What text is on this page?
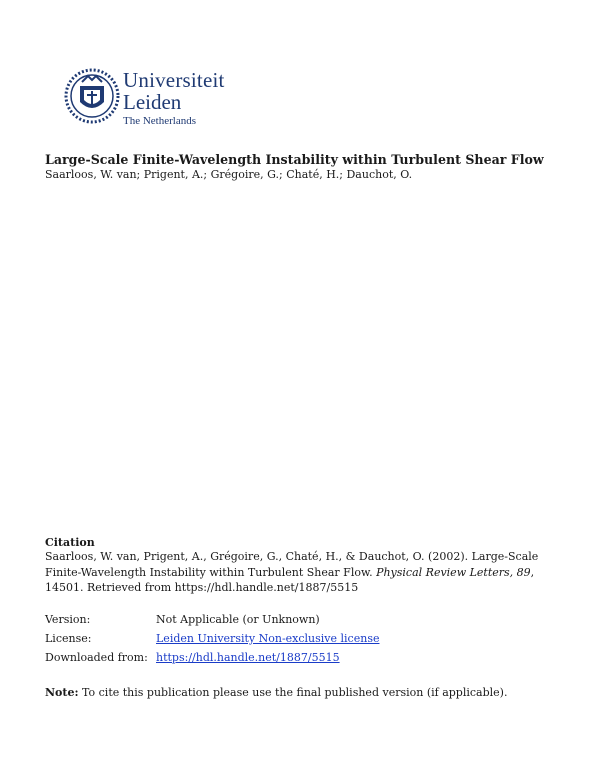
Universiteit
Leiden
The Netherlands
Large-Scale Finite-Wavelength Instability within Turbulent Shear Flow
Saarloos, W. van; Prigent, A.; Grégoire, G.; Chaté, H.; Dauchot, O.
Citation
Saarloos, W. van, Prigent, A., Grégoire, G., Chaté, H., & Dauchot, O. (2002). Large-Scale
Finite-Wavelength Instability within Turbulent Shear Flow. Physical Review Letters, 89,
14501. Retrieved from https://hdl.handle.net/1887/5515
Version:	Not Applicable (or Unknown)
License:	Leiden University Non-exclusive license
Downloaded from: https://hdl.handle.net/1887/5515
Note: To cite this publication please use the final published version (if applicable).
